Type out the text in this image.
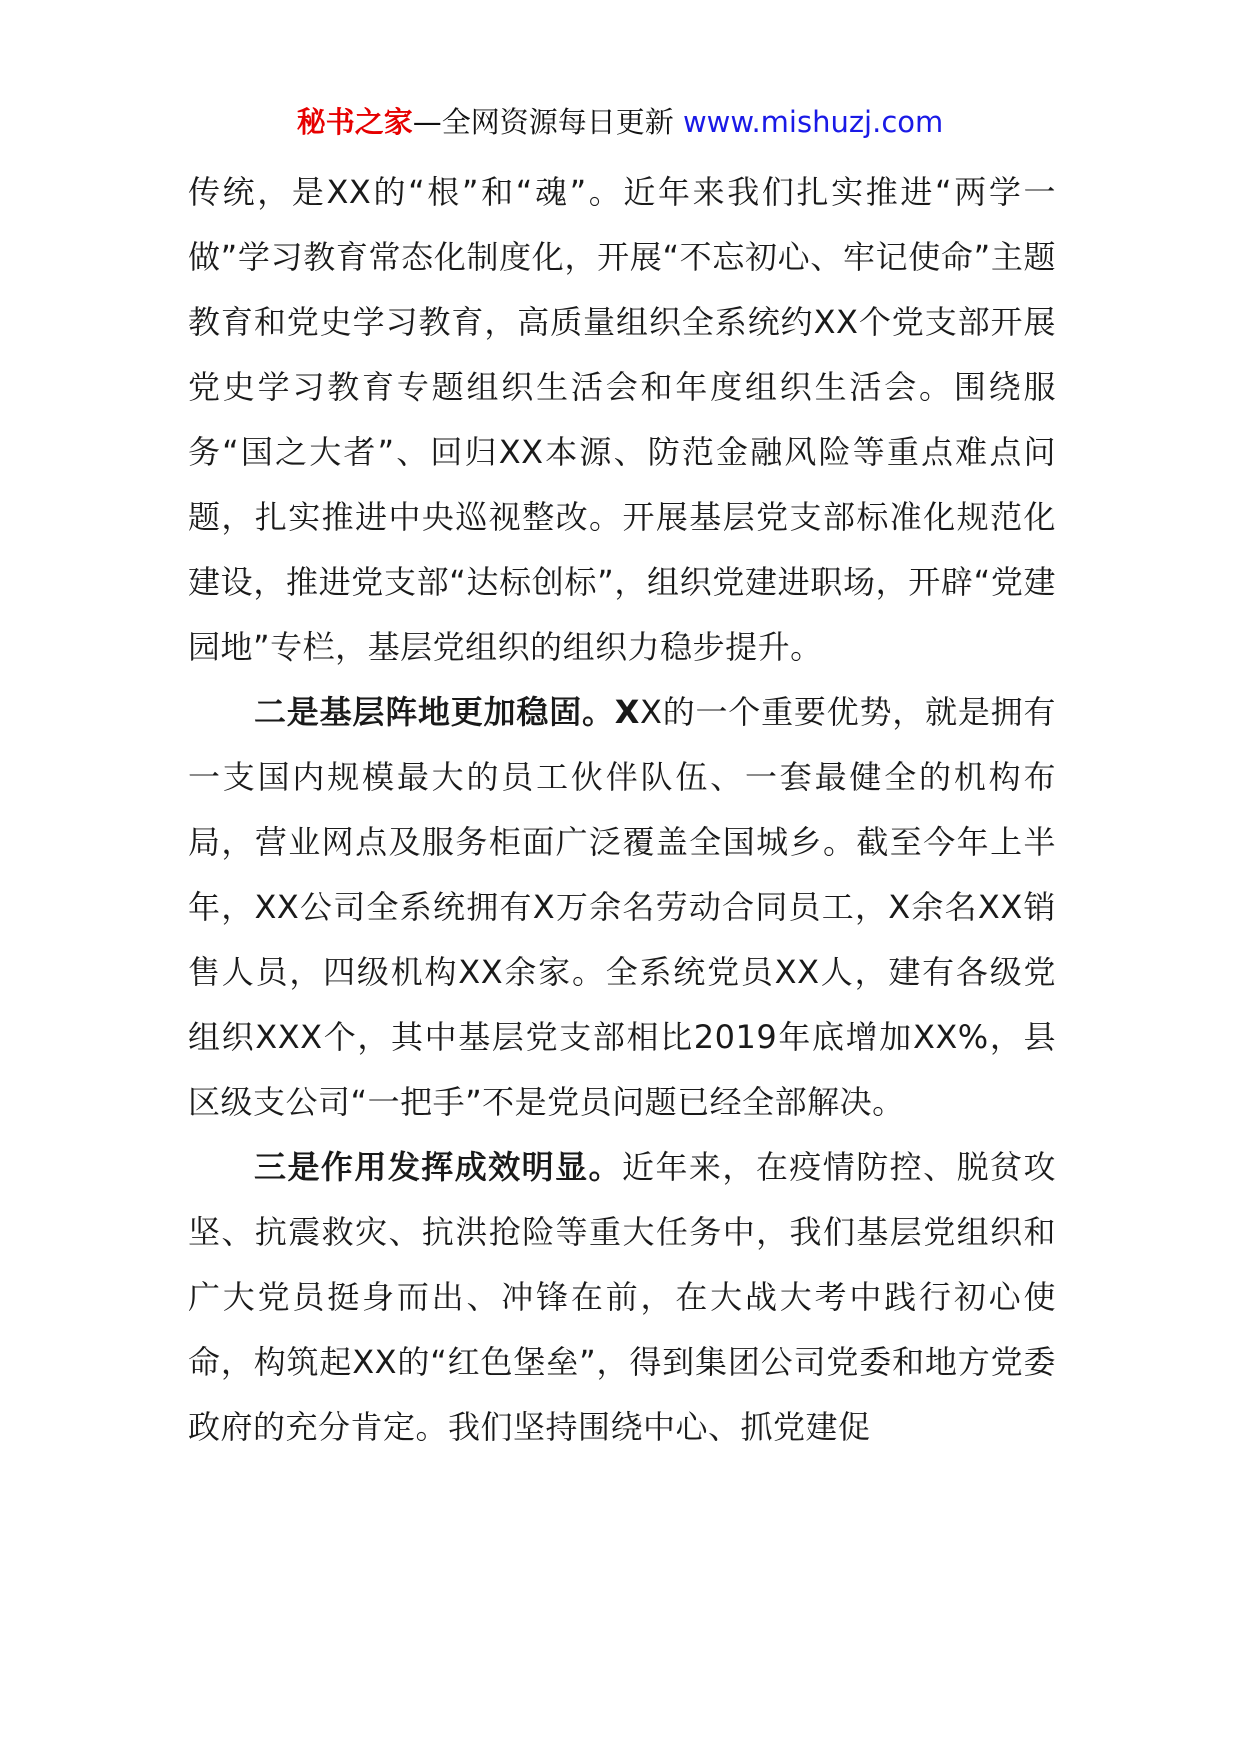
秘书之家—全网资源每日更新 www.mishuzj.com

传统，是XX的“根”和“魂”。近年来我们扎实推进“两学一做”学习教育常态化制度化，开展“不忘初心、牢记使命”主题教育和党史学习教育，高质量组织全系统约XX个党支部开展党史学习教育专题组织生活会和年度组织生活会。围绕服务“国之大者”、回归XX本源、防范金融风险等重点难点问题，扎实推进中央巡视整改。开展基层党支部标准化规范化建设，推进党支部“达标创标”，组织党建进职场，开辟“党建园地”专栏，基层党组织的组织力稳步提升。

二是基层阵地更加稳固。XX的一个重要优势，就是拥有一支国内规模最大的员工伙伴队伍、一套最健全的机构布局，营业网点及服务柜面广泛覆盖全国城乡。截至今年上半年，XX公司全系统拥有X万余名劳动合同员工，X余名XX销售人员，四级机构XX余家。全系统党员XX人，建有各级党组织XXX个，其中基层党支部相比2019年底增加XX%，县区级支公司“一把手”不是党员问题已经全部解决。

三是作用发挥成效明显。近年来，在疫情防控、脱贫攻坚、抗震救灾、抗洪抢险等重大任务中，我们基层党组织和广大党员挺身而出、冲锋在前，在大战大考中践行初心使命，构筑起XX的“红色堡垒”，得到集团公司党委和地方党委政府的充分肯定。我们坚持围绕中心、抓党建促
